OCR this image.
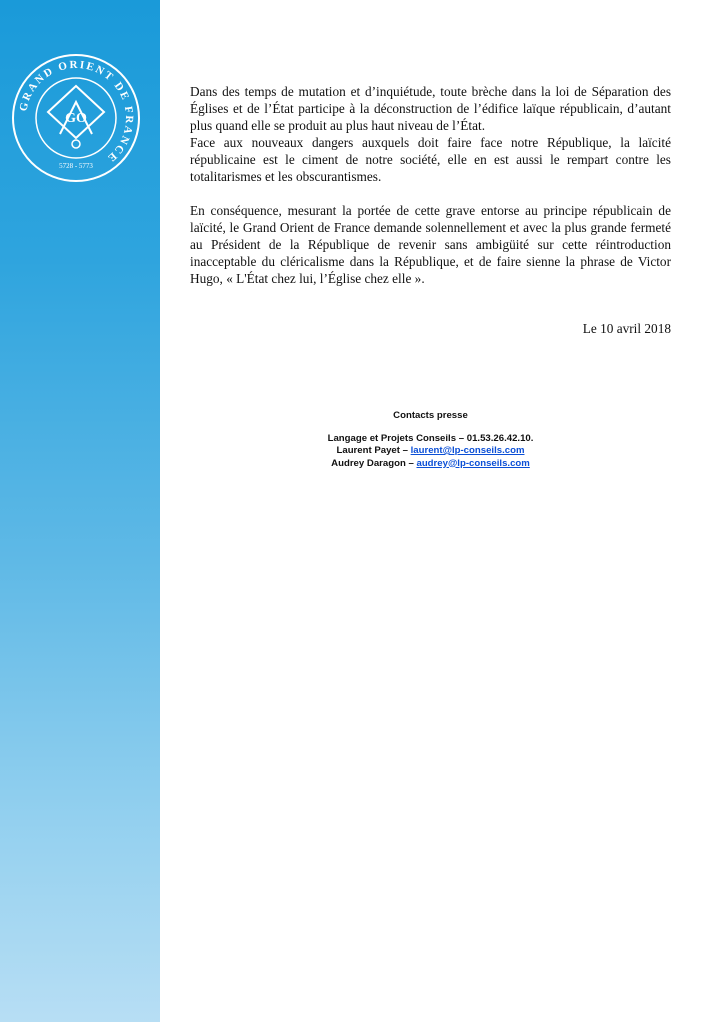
GRAND ORIENT DE FRANCE
GO
5728 - 5773

Dans des temps de mutation et d’inquiétude, toute brèche dans la loi de Séparation des Églises et de l’État participe à la déconstruction de l’édifice laïque républicain, d’autant plus quand elle se produit au plus haut niveau de l’État.

Face aux nouveaux dangers auxquels doit faire face notre République, la laïcité républicaine est le ciment de notre société, elle en est aussi le rempart contre les totalitarismes et les obscurantismes.

En conséquence, mesurant la portée de cette grave entorse au principe républicain de laïcité, le Grand Orient de France demande solennellement et avec la plus grande fermeté au Président de la République de revenir sans ambigüité sur cette réintroduction inacceptable du cléricalisme dans la République, et de faire sienne la phrase de Victor Hugo, « L'État chez lui, l’Église chez elle ».

Le 10 avril 2018
Contacts presse
Langage et Projets Conseils – 01.53.26.42.10.
Laurent Payet – laurent@lp-conseils.com
Audrey Daragon – audrey@lp-conseils.com
